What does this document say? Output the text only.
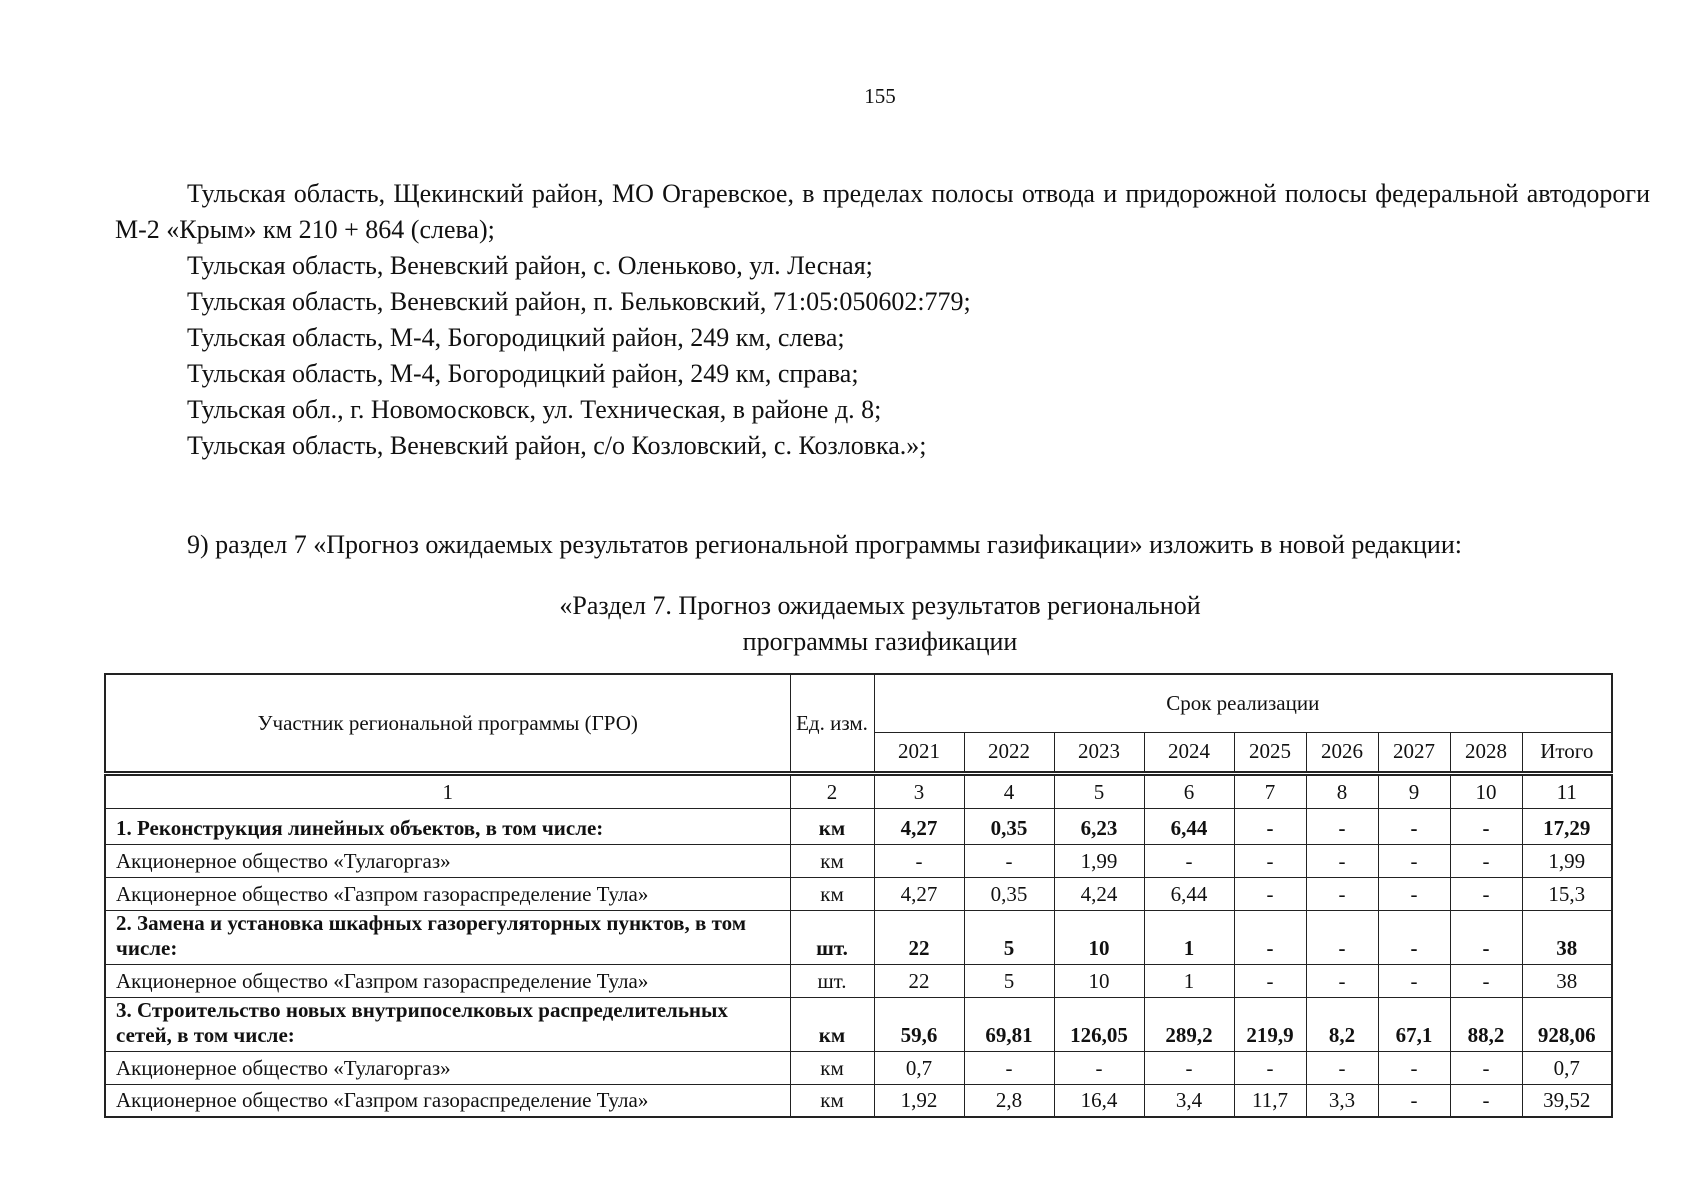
155

Тульская область, Щекинский район, МО Огаревское, в пределах полосы отвода и придорожной полосы федеральной автодороги М-2 «Крым» км 210 + 864 (слева);

Тульская область, Веневский район, с. Оленьково, ул. Лесная;

Тульская область, Веневский район, п. Бельковский, 71:05:050602:779;

Тульская область, М-4, Богородицкий район, 249 км, слева;

Тульская область, М-4, Богородицкий район, 249 км, справа;

Тульская обл., г. Новомосковск, ул. Техническая, в районе д. 8;

Тульская область, Веневский район, с/о Козловский, с. Козловка.»;

9) раздел 7 «Прогноз ожидаемых результатов региональной программы газификации» изложить в новой редакции:
«Раздел 7. Прогноз ожидаемых результатов региональной
программы газификации
Участник региональной программы (ГРО)	Ед. изм.	Срок реализации								
		2021	2022	2023	2024	2025	2026	2027	2028	Итого
1	2	3	4	5	6	7	8	9	10	11
1. Реконструкция линейных объектов, в том числе:	км	4,27	0,35	6,23	6,44	-	-	-	-	17,29
Акционерное общество «Тулагоргаз»	км	-	-	1,99	-	-	-	-	-	1,99
Акционерное общество «Газпром газораспределение Тула»	км	4,27	0,35	4,24	6,44	-	-	-	-	15,3
2. Замена и установка шкафных газорегуляторных пунктов, в том числе:	шт.	22	5	10	1	-	-	-	-	38
Акционерное общество «Газпром газораспределение Тула»	шт.	22	5	10	1	-	-	-	-	38
3. Строительство новых внутрипоселковых распределительных сетей, в том числе:	км	59,6	69,81	126,05	289,2	219,9	8,2	67,1	88,2	928,06
Акционерное общество «Тулагоргаз»	км	0,7	-	-	-	-	-	-	-	0,7
Акционерное общество «Газпром газораспределение Тула»	км	1,92	2,8	16,4	3,4	11,7	3,3	-	-	39,52
